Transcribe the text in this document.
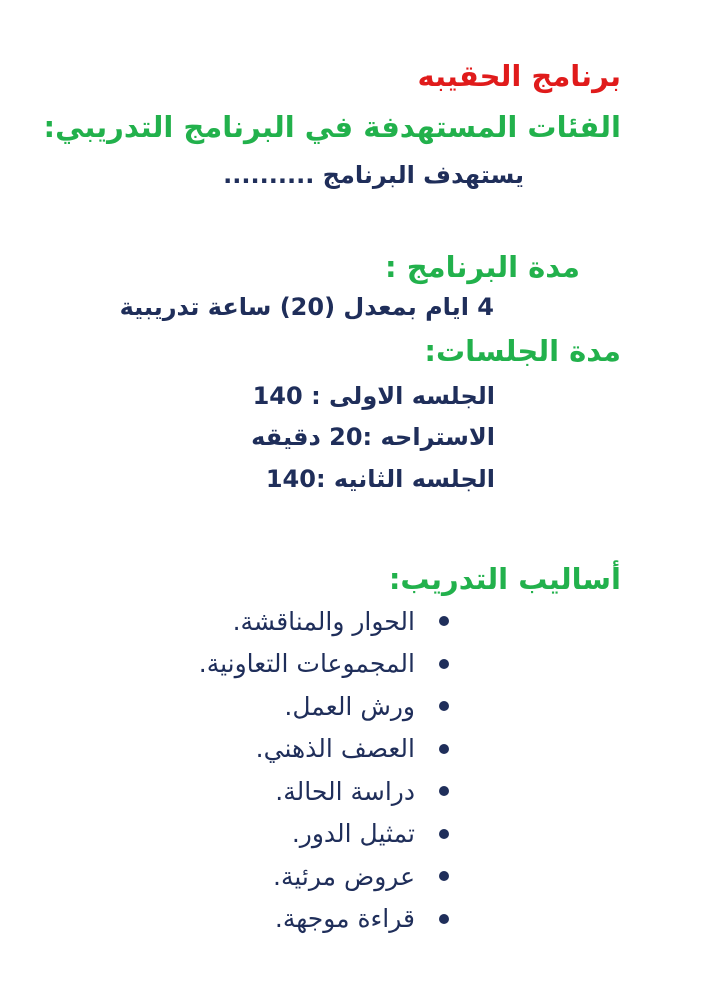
برنامج الحقيبه
الفئات المستهدفة في البرنامج التدريبي:
يستهدف البرنامج ..........
مدة البرنامج :
4 ايام بمعدل (20) ساعة تدريبية
مدة الجلسات:
الجلسه الاولى : 140
الاستراحه :20 دقيقه
الجلسه الثانيه :140
أساليب التدريب:
الحوار والمناقشة.
المجموعات التعاونية.
ورش العمل.
العصف الذهني.
دراسة الحالة.
تمثيل الدور.
عروض مرئية.
قراءة موجهة.
